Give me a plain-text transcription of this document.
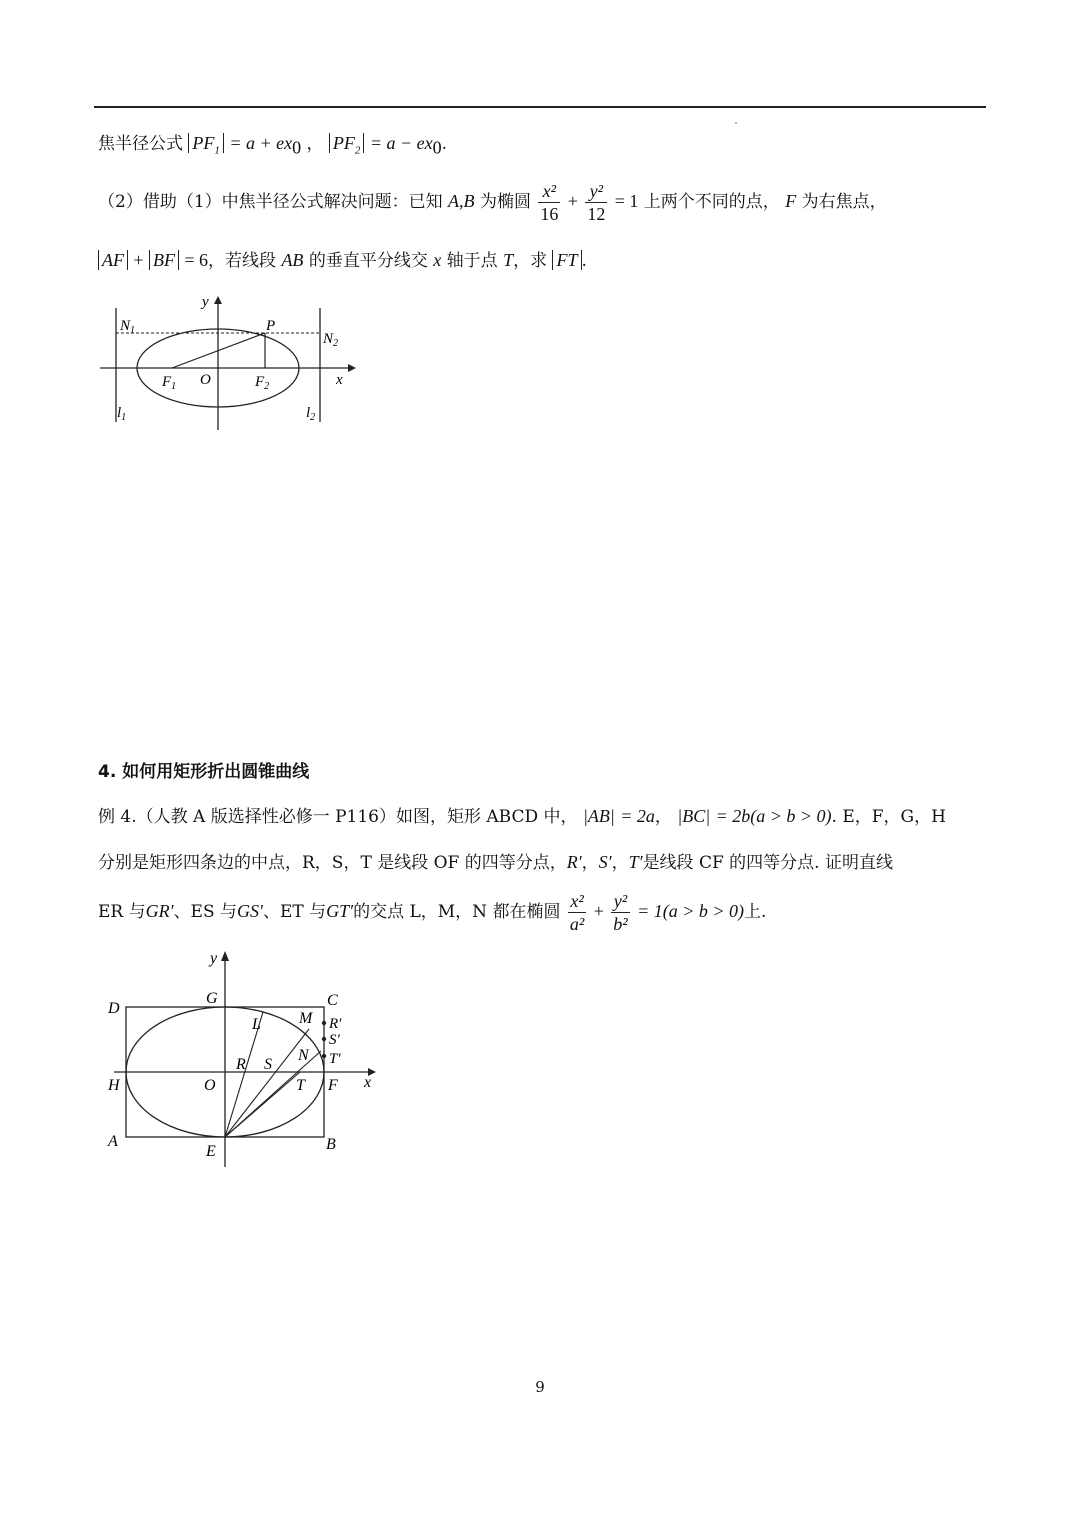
焦半径公式 $PF_1 = a + ex_0$ ， $PF_2 = a - ex_0$.
（2）借助（1）中焦半径公式解决问题：已知 A,B 为椭圆 $\frac{\text{x²}}{16} + \frac{\text{y²}}{12} = 1$ 上两个不同的点， F 为右焦点，
AF + BF = 6，若线段 AB 的垂直平分线交 x 轴于点 T，求 FT .
y
x
$N_1$
$N_2$
P
$F_1$ O	$F_2$
$l_1$	$l_2$
4. 如何用矩形折出圆锥曲线
例 4.（人教 A 版选择性必修一 P116）如图，矩形 ABCD 中， |AB| = 2a， |BC| = 2b(a > b > 0). E，F，G，H
分别是矩形四条边的中点，R，S，T 是线段 OF 的四等分点，R′，S′，T′是线段 CF 的四等分点. 证明直线
ER 与GR′、ES 与GS′、ET 与GT′的交点 L，M，N 都在椭圆 $\frac{\text{x²}}{\text{a²}} + \frac{\text{y²}}{\text{b²}} = 1(a > b > 0)$上.
y
x
D
G	C
L M R′
S′
T′
R S
N
H	O	T F
A
E	B
9
